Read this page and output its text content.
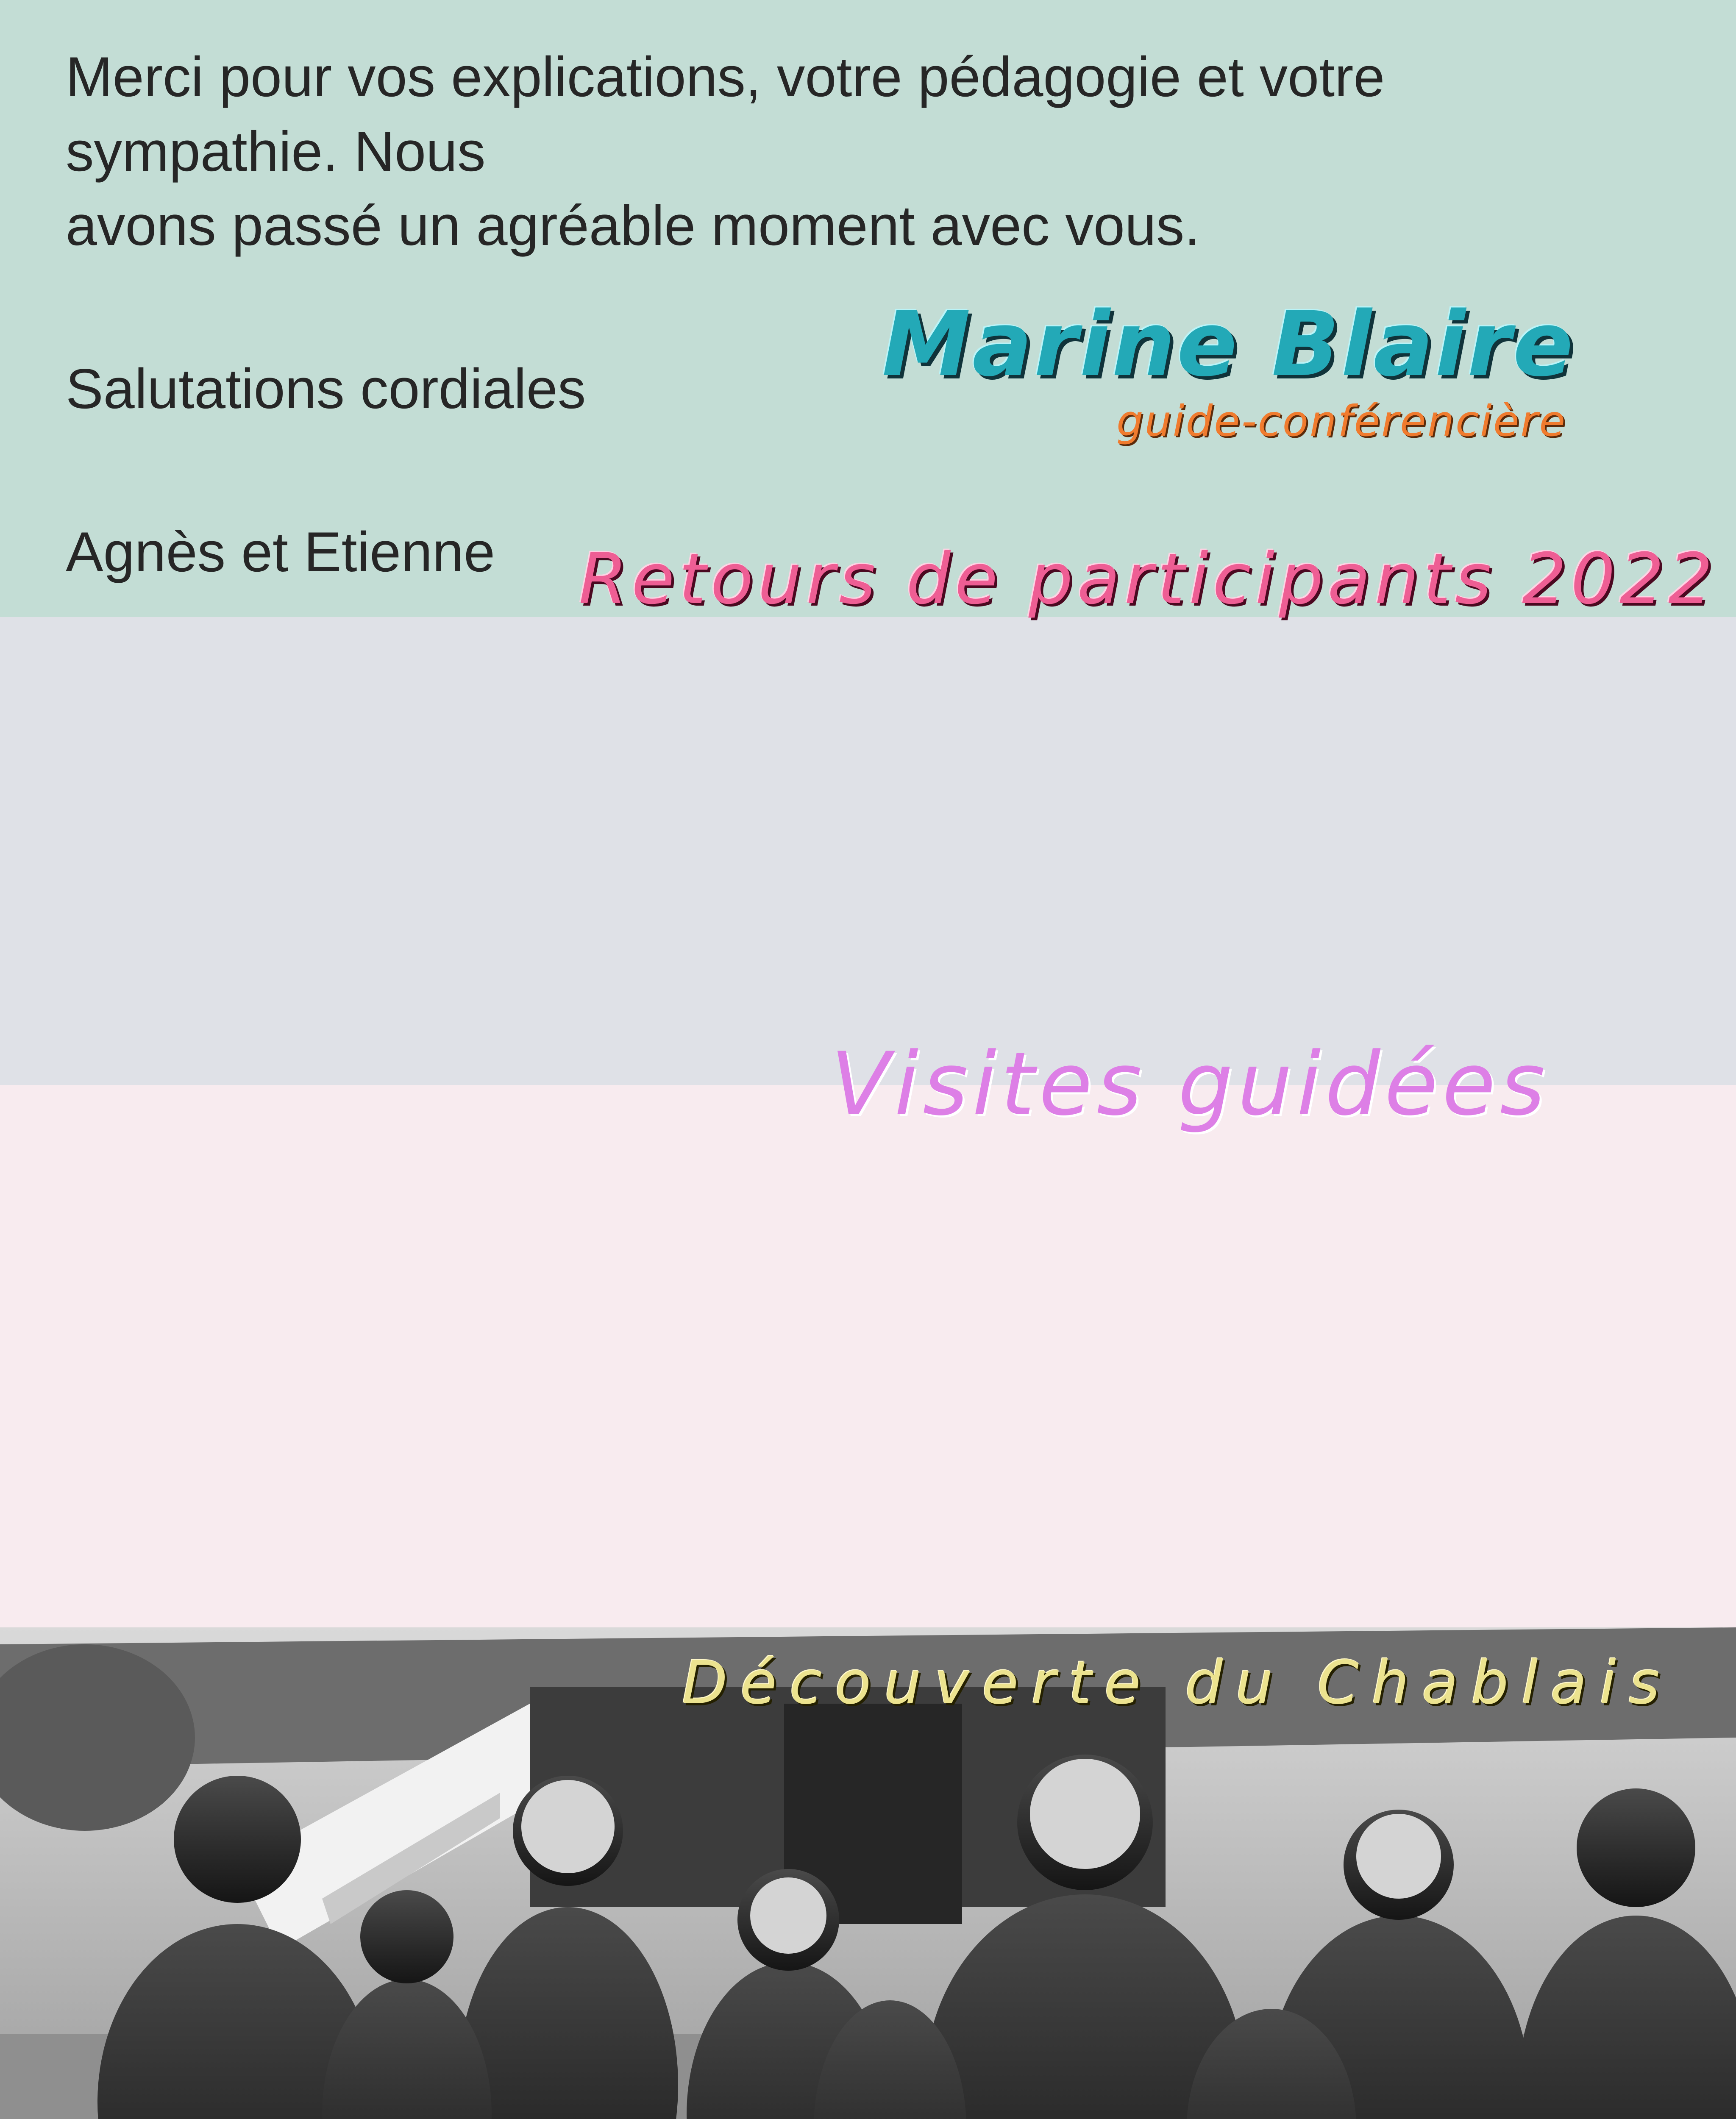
Merci pour vos explications, votre pédagogie et votre
sympathie. Nous
avons passé un agréable moment avec vous.

Salutations cordiales

Agnès et Etienne

Marine Blaire

guide-conférencière

Retours de participants 2022

Visites guidées

Découverte du Chablais
